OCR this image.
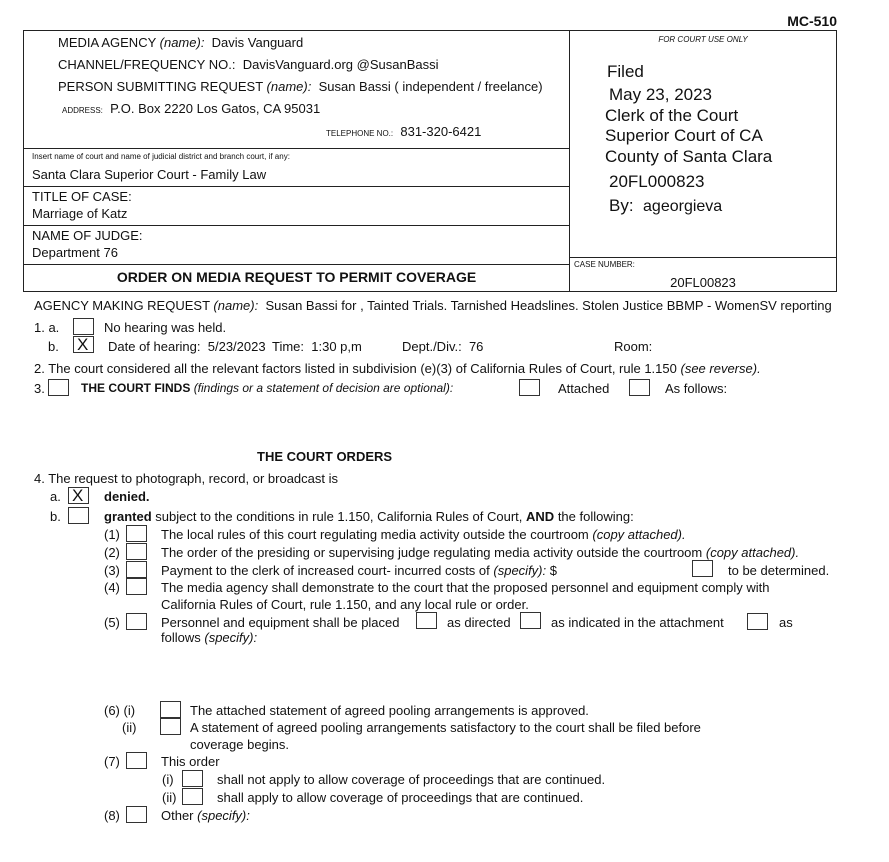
MC-510
MEDIA AGENCY (name): Davis Vanguard
CHANNEL/FREQUENCY NO.: DavisVanguard.org @SusanBassi
PERSON SUBMITTING REQUEST (name): Susan Bassi ( independent / freelance)
ADDRESS: P.O. Box 2220 Los Gatos, CA 95031
TELEPHONE NO.: 831-320-6421
Insert name of court and name of judicial district and branch court, if any:
Santa Clara Superior Court - Family Law
TITLE OF CASE:
Marriage of Katz
NAME OF JUDGE:
Department 76
ORDER ON MEDIA REQUEST TO PERMIT COVERAGE
FOR COURT USE ONLY
Filed
May 23, 2023
Clerk of the Court
Superior Court of CA
County of Santa Clara
20FL000823
By: ageorgieva
CASE NUMBER:
20FL00823
AGENCY MAKING REQUEST (name): Susan Bassi for , Tainted Trials. Tarnished Headslines. Stolen Justice BBMP - WomenSV reporting
1. a.	No hearing was held.
b. X	Date of hearing: 5/23/2023 Time: 1:30 p,m	Dept./Div.: 76	Room:
2. The court considered all the relevant factors listed in subdivision (e)(3) of California Rules of Court, rule 1.150 (see reverse).
3.	THE COURT FINDS (findings or a statement of decision are optional):	Attached	As follows:
THE COURT ORDERS
4. The request to photograph, record, or broadcast is
a. X	denied.
b.	granted subject to the conditions in rule 1.150, California Rules of Court, AND the following:
(1)	The local rules of this court regulating media activity outside the courtroom (copy attached).
(2)	The order of the presiding or supervising judge regulating media activity outside the courtroom (copy attached).
(3)	Payment to the clerk of increased court- incurred costs of (specify): $	to be determined.
(4)	The media agency shall demonstrate to the court that the proposed personnel and equipment comply with
California Rules of Court, rule 1.150, and any local rule or order.
(5)	Personnel and equipment shall be placed	as directed	as indicated in the attachment	as
follows (specify):
(6) (i)	The attached statement of agreed pooling arrangements is approved.
(ii)	A statement of agreed pooling arrangements satisfactory to the court shall be filed before
coverage begins.
(7)	This order
(i)	shall not apply to allow coverage of proceedings that are continued.
(ii)	shall apply to allow coverage of proceedings that are continued.
(8)	Other (specify):
